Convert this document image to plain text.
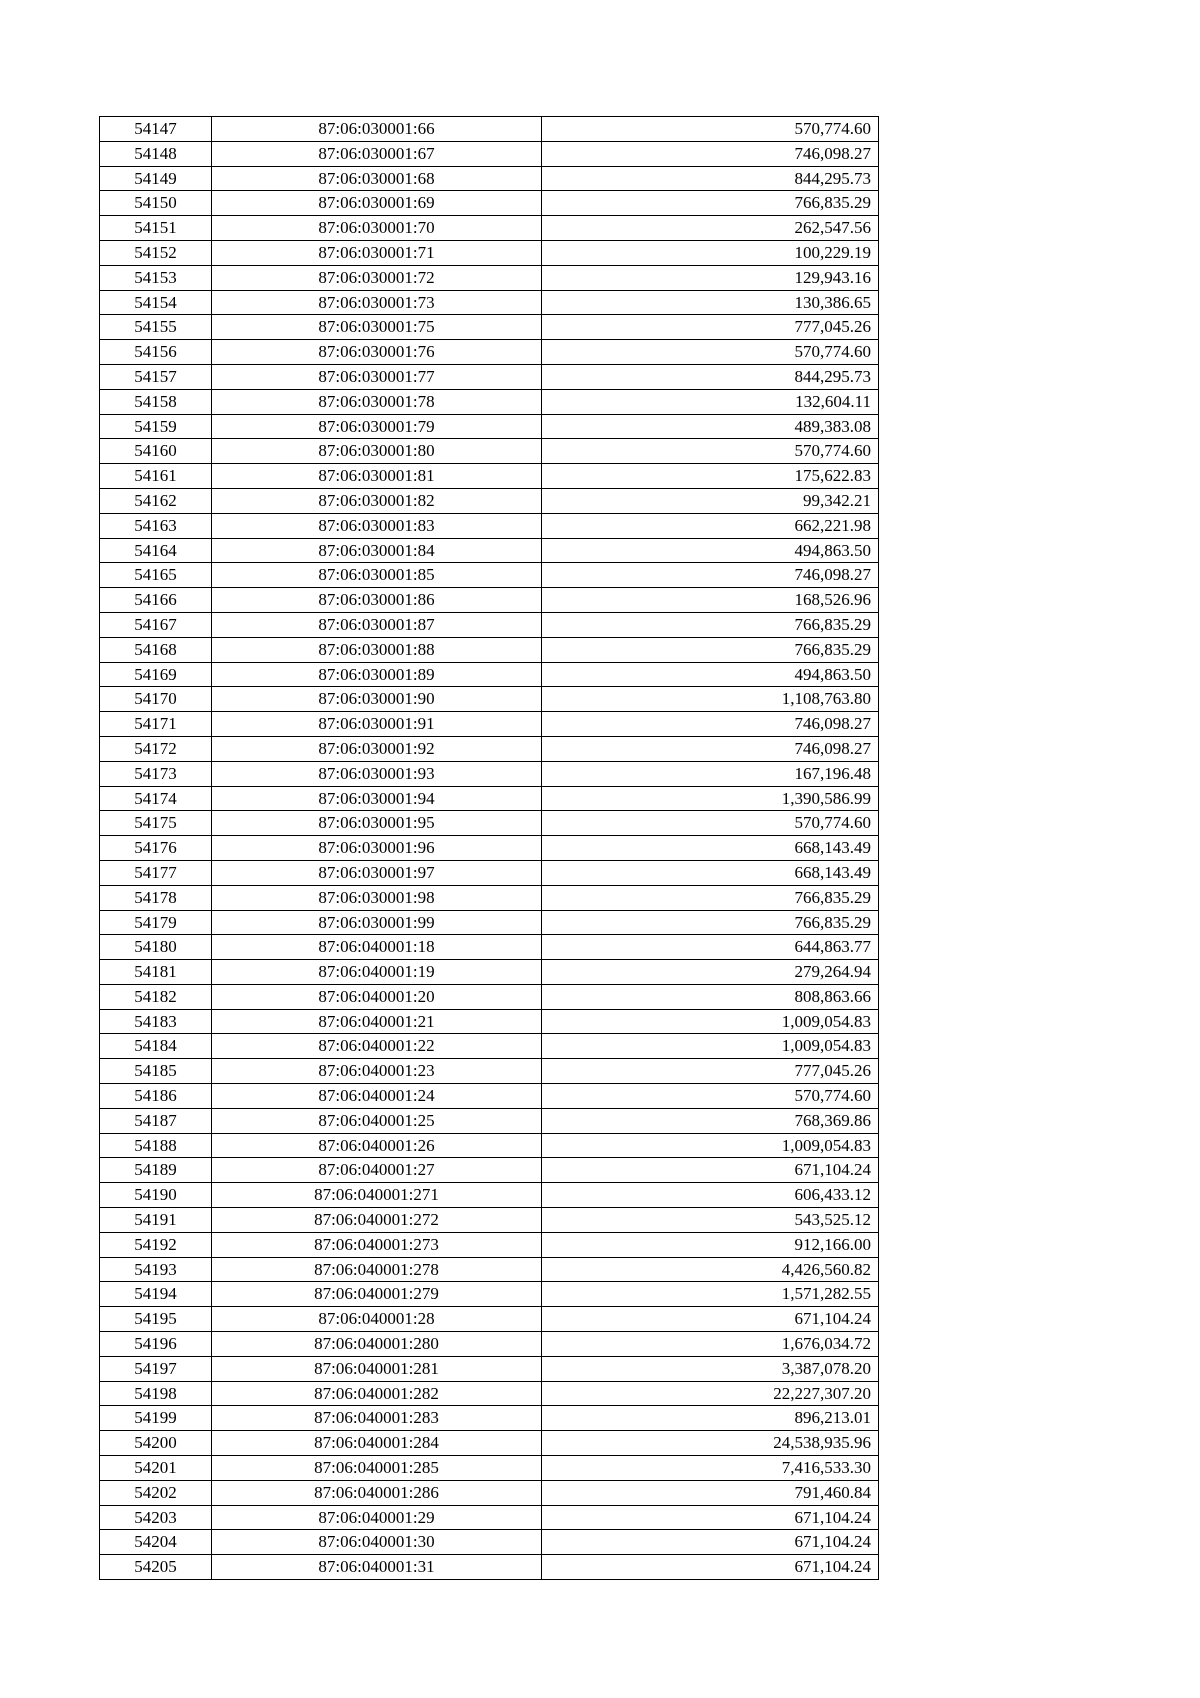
54147	87:06:030001:66	570,774.60
54148	87:06:030001:67	746,098.27
54149	87:06:030001:68	844,295.73
54150	87:06:030001:69	766,835.29
54151	87:06:030001:70	262,547.56
54152	87:06:030001:71	100,229.19
54153	87:06:030001:72	129,943.16
54154	87:06:030001:73	130,386.65
54155	87:06:030001:75	777,045.26
54156	87:06:030001:76	570,774.60
54157	87:06:030001:77	844,295.73
54158	87:06:030001:78	132,604.11
54159	87:06:030001:79	489,383.08
54160	87:06:030001:80	570,774.60
54161	87:06:030001:81	175,622.83
54162	87:06:030001:82	99,342.21
54163	87:06:030001:83	662,221.98
54164	87:06:030001:84	494,863.50
54165	87:06:030001:85	746,098.27
54166	87:06:030001:86	168,526.96
54167	87:06:030001:87	766,835.29
54168	87:06:030001:88	766,835.29
54169	87:06:030001:89	494,863.50
54170	87:06:030001:90	1,108,763.80
54171	87:06:030001:91	746,098.27
54172	87:06:030001:92	746,098.27
54173	87:06:030001:93	167,196.48
54174	87:06:030001:94	1,390,586.99
54175	87:06:030001:95	570,774.60
54176	87:06:030001:96	668,143.49
54177	87:06:030001:97	668,143.49
54178	87:06:030001:98	766,835.29
54179	87:06:030001:99	766,835.29
54180	87:06:040001:18	644,863.77
54181	87:06:040001:19	279,264.94
54182	87:06:040001:20	808,863.66
54183	87:06:040001:21	1,009,054.83
54184	87:06:040001:22	1,009,054.83
54185	87:06:040001:23	777,045.26
54186	87:06:040001:24	570,774.60
54187	87:06:040001:25	768,369.86
54188	87:06:040001:26	1,009,054.83
54189	87:06:040001:27	671,104.24
54190	87:06:040001:271	606,433.12
54191	87:06:040001:272	543,525.12
54192	87:06:040001:273	912,166.00
54193	87:06:040001:278	4,426,560.82
54194	87:06:040001:279	1,571,282.55
54195	87:06:040001:28	671,104.24
54196	87:06:040001:280	1,676,034.72
54197	87:06:040001:281	3,387,078.20
54198	87:06:040001:282	22,227,307.20
54199	87:06:040001:283	896,213.01
54200	87:06:040001:284	24,538,935.96
54201	87:06:040001:285	7,416,533.30
54202	87:06:040001:286	791,460.84
54203	87:06:040001:29	671,104.24
54204	87:06:040001:30	671,104.24
54205	87:06:040001:31	671,104.24
